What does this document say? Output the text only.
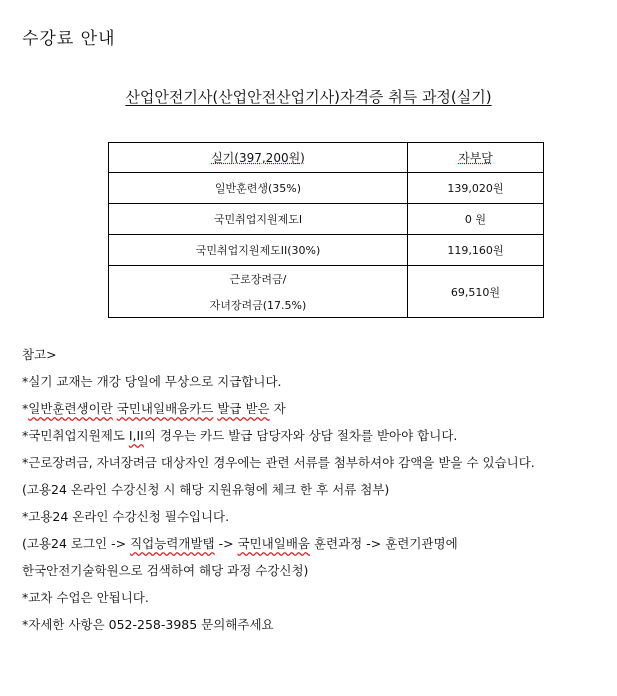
수강료 안내
산업안전기사(산업안전산업기사)자격증 취득 과정(실기)
실기(397,200원)	자부담
일반훈련생(35%)	139,020원
국민취업지원제도I	0 원
국민취업지원제도II(30%)	119,160원
근로장려금/
자녀장려금(17.5%)	69,510원
참고>
*실기 교재는 개강 당일에 무상으로 지급합니다.
*일반훈련생이란 국민내일배움카드 발급 받은 자
*국민취업지원제도 I,II의 경우는 카드 발급 담당자와 상담 절차를 받아야 합니다.
*근로장려금, 자녀장려금 대상자인 경우에는 관련 서류를 첨부하셔야 감액을 받을 수 있습니다.
(고용24 온라인 수강신청 시 해당 지원유형에 체크 한 후 서류 첨부)
*고용24 온라인 수강신청 필수입니다.
(고용24 로그인 -> 직업능력개발탭 -> 국민내일배움 훈련과정 -> 훈련기관명에
한국안전기술학원으로 검색하여 해당 과정 수강신청)
*교차 수업은 안됩니다.
*자세한 사항은 052-258-3985 문의해주세요
